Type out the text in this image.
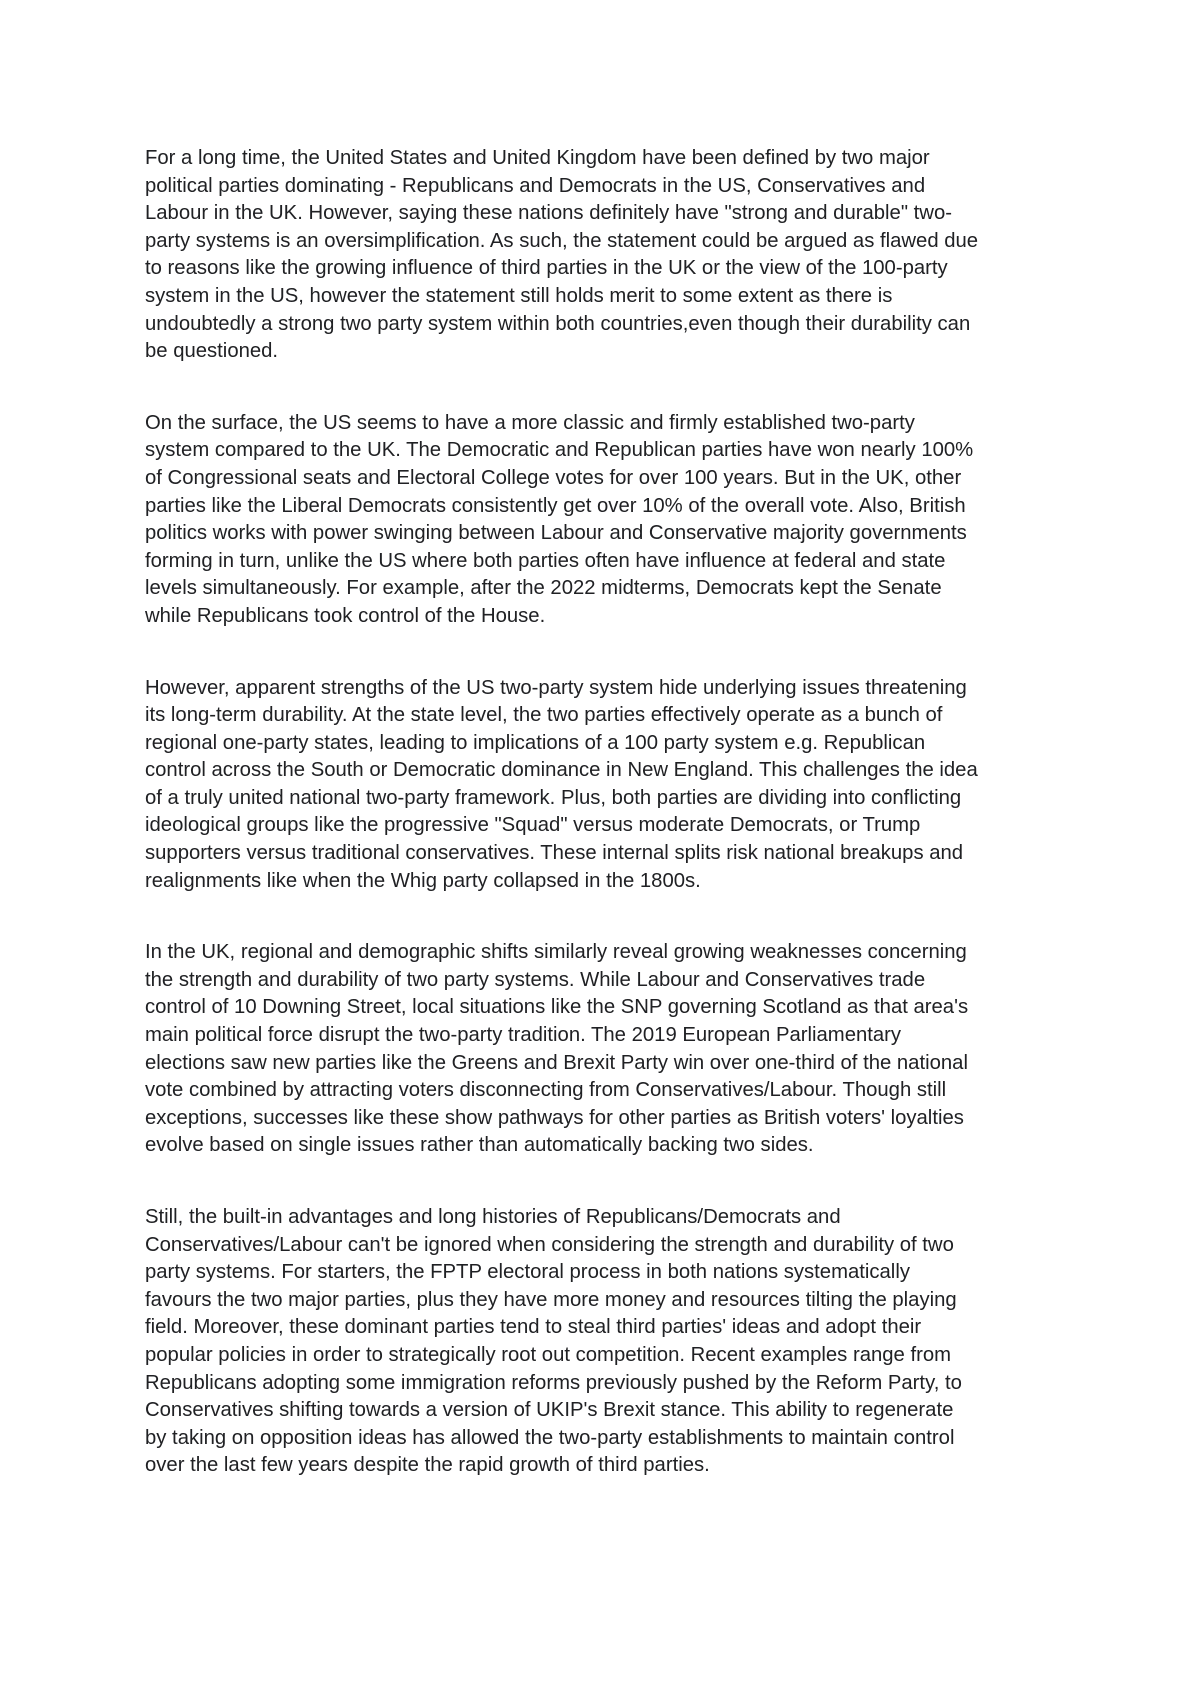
For a long time, the United States and United Kingdom have been defined by two major
political parties dominating - Republicans and Democrats in the US, Conservatives and
Labour in the UK. However, saying these nations definitely have "strong and durable" two-
party systems is an oversimplification. As such, the statement could be argued as flawed due
to reasons like the growing influence of third parties in the UK or the view of the 100-party
system in the US, however the statement still holds merit to some extent as there is
undoubtedly a strong two party system within both countries,even though their durability can
be questioned.

On the surface, the US seems to have a more classic and firmly established two-party
system compared to the UK. The Democratic and Republican parties have won nearly 100%
of Congressional seats and Electoral College votes for over 100 years. But in the UK, other
parties like the Liberal Democrats consistently get over 10% of the overall vote. Also, British
politics works with power swinging between Labour and Conservative majority governments
forming in turn, unlike the US where both parties often have influence at federal and state
levels simultaneously. For example, after the 2022 midterms, Democrats kept the Senate
while Republicans took control of the House.

However, apparent strengths of the US two-party system hide underlying issues threatening
its long-term durability. At the state level, the two parties effectively operate as a bunch of
regional one-party states, leading to implications of a 100 party system e.g. Republican
control across the South or Democratic dominance in New England. This challenges the idea
of a truly united national two-party framework. Plus, both parties are dividing into conflicting
ideological groups like the progressive "Squad" versus moderate Democrats, or Trump
supporters versus traditional conservatives. These internal splits risk national breakups and
realignments like when the Whig party collapsed in the 1800s.

In the UK, regional and demographic shifts similarly reveal growing weaknesses concerning
the strength and durability of two party systems. While Labour and Conservatives trade
control of 10 Downing Street, local situations like the SNP governing Scotland as that area's
main political force disrupt the two-party tradition. The 2019 European Parliamentary
elections saw new parties like the Greens and Brexit Party win over one-third of the national
vote combined by attracting voters disconnecting from Conservatives/Labour. Though still
exceptions, successes like these show pathways for other parties as British voters' loyalties
evolve based on single issues rather than automatically backing two sides.

Still, the built-in advantages and long histories of Republicans/Democrats and
Conservatives/Labour can't be ignored when considering the strength and durability of two
party systems. For starters, the FPTP electoral process in both nations systematically
favours the two major parties, plus they have more money and resources tilting the playing
field. Moreover, these dominant parties tend to steal third parties' ideas and adopt their
popular policies in order to strategically root out competition. Recent examples range from
Republicans adopting some immigration reforms previously pushed by the Reform Party, to
Conservatives shifting towards a version of UKIP's Brexit stance. This ability to regenerate
by taking on opposition ideas has allowed the two-party establishments to maintain control
over the last few years despite the rapid growth of third parties.
